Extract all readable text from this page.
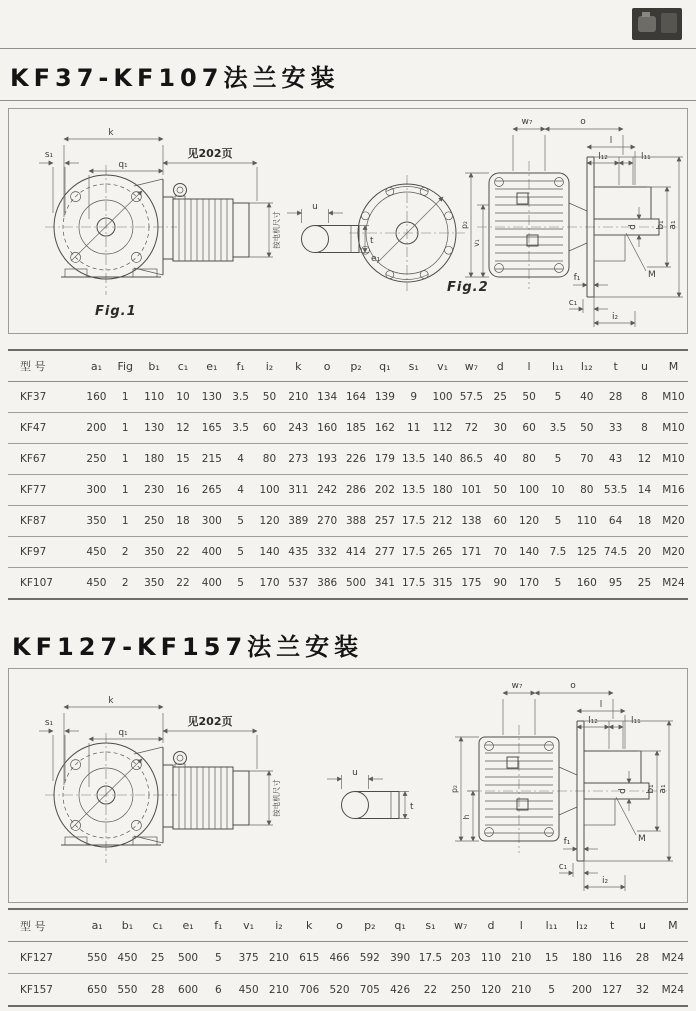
KF37-KF107法兰安装
k
s₁
q₁
见202页
按电机尺寸
Fig.1
u
t
e₁
Fig.2
w₇	o
l
l₁₂	l₁₁
p₂
v₁
d b₁ a₁
M
f₁
c₁
i₂
型 号	a₁	Fig	b₁	c₁	e₁	f₁	i₂	k	o	p₂	q₁	s₁	v₁	w₇	d	l	l₁₁	l₁₂	t	u	M
KF37	160	1	110	10	130	3.5	50	210	134	164	139	9	100	57.5	25	50	5	40	28	8	M10
KF47	200	1	130	12	165	3.5	60	243	160	185	162	11	112	72	30	60	3.5	50	33	8	M10
KF67	250	1	180	15	215	4	80	273	193	226	179	13.5	140	86.5	40	80	5	70	43	12	M10
KF77	300	1	230	16	265	4	100	311	242	286	202	13.5	180	101	50	100	10	80	53.5	14	M16
KF87	350	1	250	18	300	5	120	389	270	388	257	17.5	212	138	60	120	5	110	64	18	M20
KF97	450	2	350	22	400	5	140	435	332	414	277	17.5	265	171	70	140	7.5	125	74.5	20	M20
KF107	450	2	350	22	400	5	170	537	386	500	341	17.5	315	175	90	170	5	160	95	25	M24
KF127-KF157法兰安装
k
s₁
q₁
见202页
按电机尺寸
u
t
w₇	o
l
l₁₂	l₁₁
p₂
h
d b₁ a₁
M
f₁
c₁
i₂
型 号	a₁	b₁	c₁	e₁	f₁	v₁	i₂	k	o	p₂	q₁	s₁	w₇	d	l	l₁₁	l₁₂	t	u	M
KF127	550	450	25	500	5	375	210	615	466	592	390	17.5	203	110	210	15	180	116	28	M24
KF157	650	550	28	600	6	450	210	706	520	705	426	22	250	120	210	5	200	127	32	M24
